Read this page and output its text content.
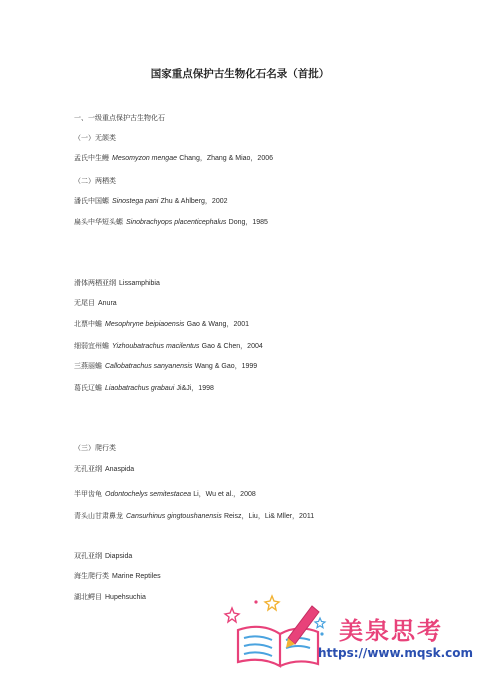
国家重点保护古生物化石名录（首批）
一、一级重点保护古生物化石
（一）无颌类
孟氏中生鳗 Mesomyzon mengae Chang，Zhang & Miao，2006
（二）两栖类
潘氏中国螈 Sinostega pani Zhu & Ahlberg，2002
扁头中华短头螈 Sinobrachyops placenticephalus Dong，1985
滑体两栖亚纲 Lissamphibia
无尾目 Anura
北票中蟾 Mesophryne beipiaoensis Gao & Wang，2001
细弱宜州蟾 Yizhoubatrachus macilentus Gao & Chen，2004
三燕丽蟾 Callobatrachus sanyanensis Wang & Gao，1999
葛氏辽蟾 Liaobatrachus grabaui Ji&Ji，1998
（三）爬行类
无孔亚纲 Anaspida
半甲齿龟 Odontochelys semitestacea Li，Wu et al.，2008
青头山甘肃鼻龙 Cansurhinus gingtoushanensis Reisz，Liu，Li& Mller，2011
双孔亚纲 Diapsida
海生爬行类 Marine Reptiles
湖北鳄目 Hupehsuchia
美泉思考
https://www.mqsk.com
